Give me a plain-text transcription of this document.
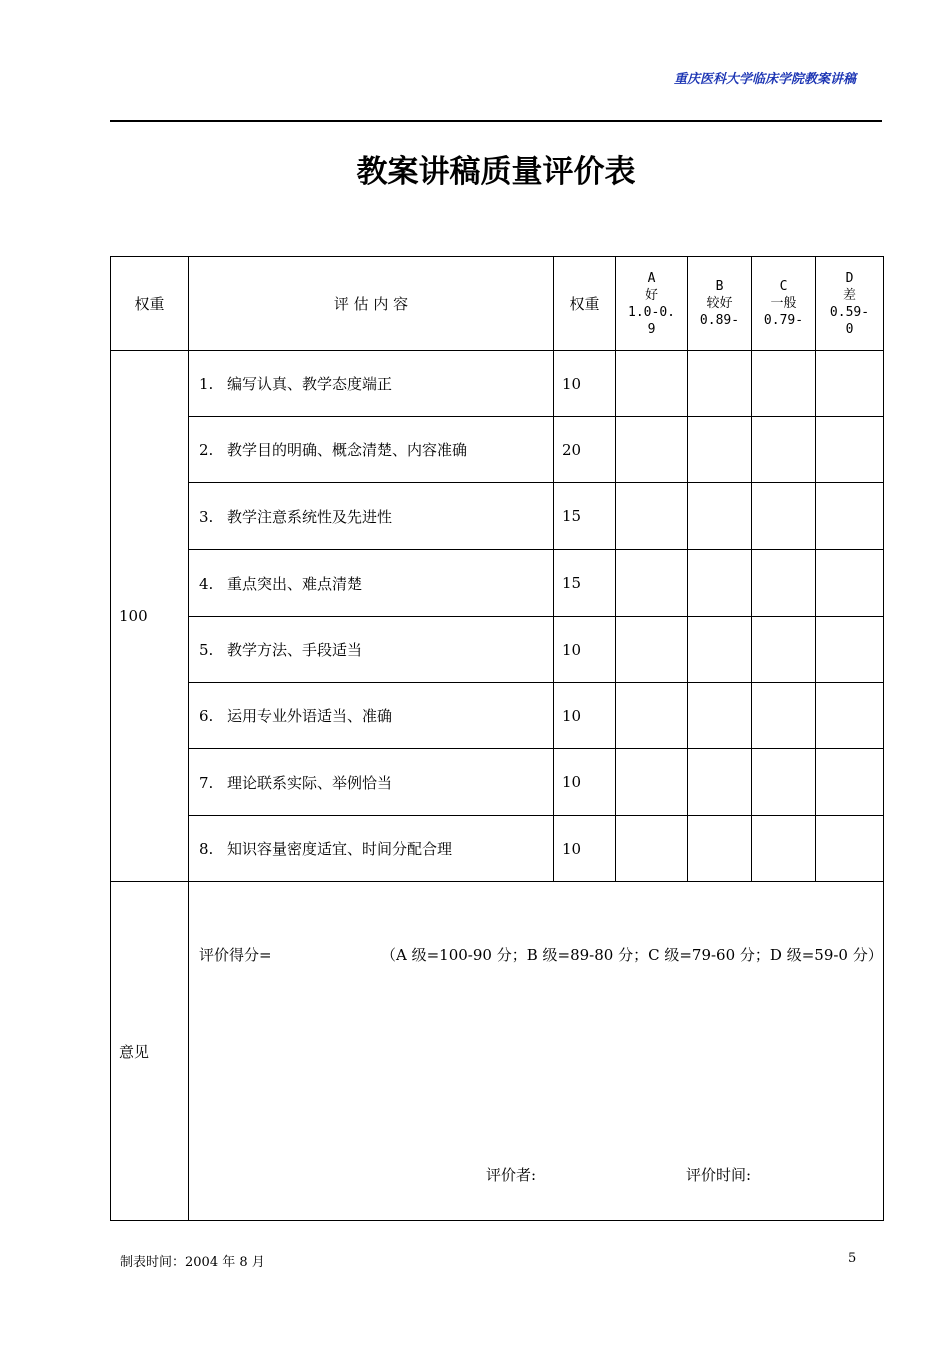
重庆医科大学临床学院教案讲稿
教案讲稿质量评价表
权重	评 估 内 容	权重	A
好
1.0-0.
9	B
较好
0.89-	C
一般
0.79-	D
差
0.59-
0

100	1. 编写认真、教学态度端正	10				
	2. 教学目的明确、概念清楚、内容准确	20				
	3. 教学注意系统性及先进性	15				
	4. 重点突出、难点清楚	15				
	5. 教学方法、手段适当	10				
	6. 运用专业外语适当、准确	10				
	7. 理论联系实际、举例恰当	10				
	8. 知识容量密度适宜、时间分配合理	10				
意见	评价得分= （A 级=100-90 分；B 级=89-80 分；C 级=79-60 分；D 级=59-0 分）
评价者: 评价时间:					
制表时间：2004 年 8 月	5
